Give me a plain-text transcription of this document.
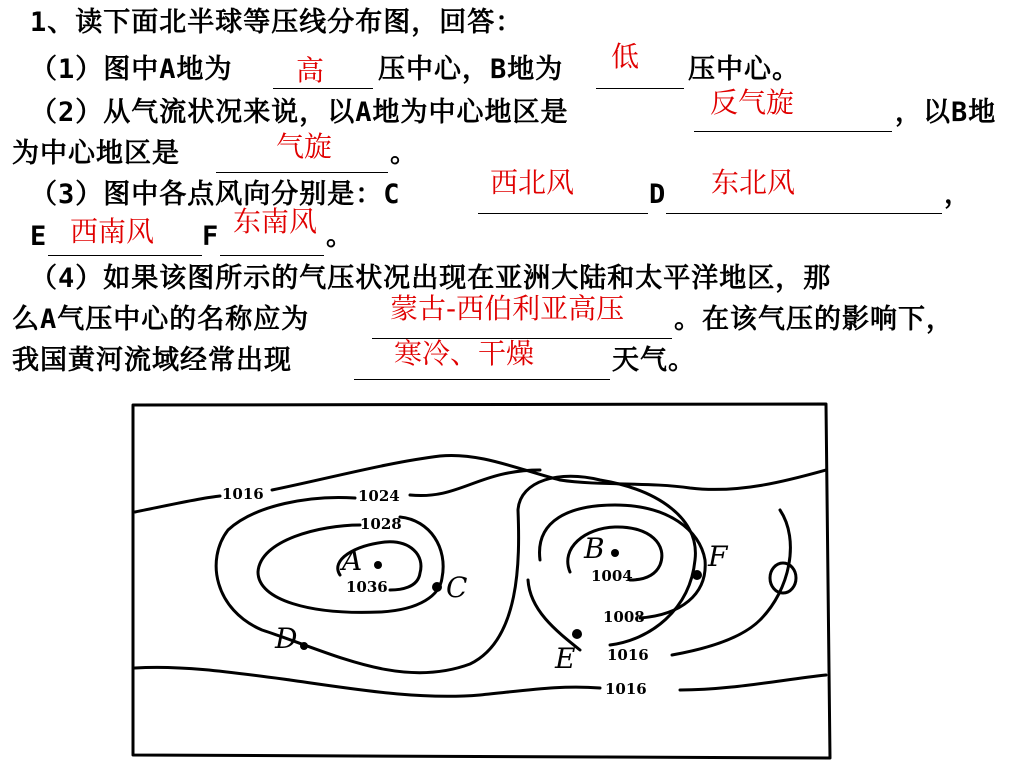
1、读下面北半球等压线分布图，回答：
（1）图中A地为 高 压中心，B地为 低 压中心。
（2）从气流状况来说，以A地为中心地区是	反气旋	，以B地
为中心地区是	气旋 。
（3）图中各点风向分别是：C	西北风	D 东北风	，
E 西南风 F 东南风 。
（4）如果该图所示的气压状况出现在亚洲大陆和太平洋地区，那
么A气压中心的名称应为	蒙古-西伯利亚高压 。在该气压的影响下，
我国黄河流域经常出现	寒冷、干燥	天气。
A	B
C
D
E
F
1016	1024
1028
1036
1004
1008
1016
1016
